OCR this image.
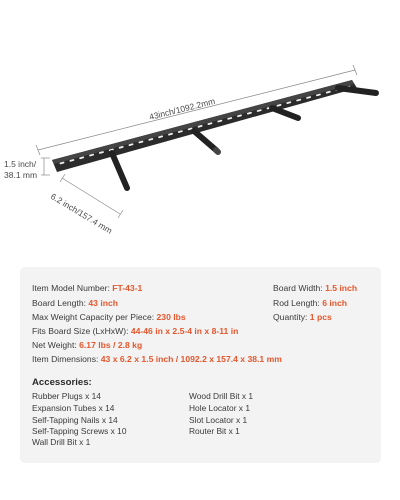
43inch/1092.2mm
1.5 inch/
38.1 mm
6.2 inch/157.4 mm
Item Model Number: FT-43-1
Board Length: 43 inch
Max Weight Capacity per Piece: 230 lbs
Fits Board Size (LxHxW): 44-46 in x 2.5-4 in x 8-11 in
Net Weight: 6.17 lbs / 2.8 kg
Item Dimensions: 43 x 6.2 x 1.5 inch / 1092.2 x 157.4 x 38.1 mm
Board Width: 1.5 inch
Rod Length: 6 inch
Quantity: 1 pcs
Accessories:
Rubber Plugs x 14
Expansion Tubes x 14
Self-Tapping Nails x 14
Self-Tapping Screws x 10
Wall Drill Bit x 1
Wood Drill Bit x 1
Hole Locator x 1
Slot Locator x 1
Router Bit x 1
